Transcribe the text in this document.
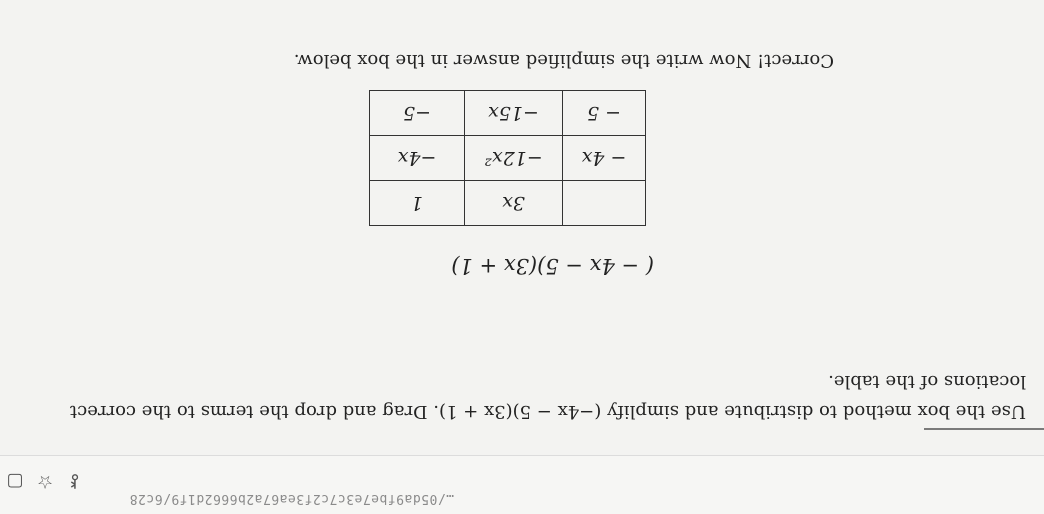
…/05da9fbe7e3c7c2f3ea67a2b6662d1f9/6c28
⚷
☆
▢
Use the box method to distribute and simplify (−4x − 5)(3x + 1). Drag and drop the terms to the correct locations of the table.
( − 4x − 5)(3x + 1)
	3x	1
− 4x	−12x²	−4x
− 5	−15x	−5
Correct! Now write the simplified answer in the box below.
